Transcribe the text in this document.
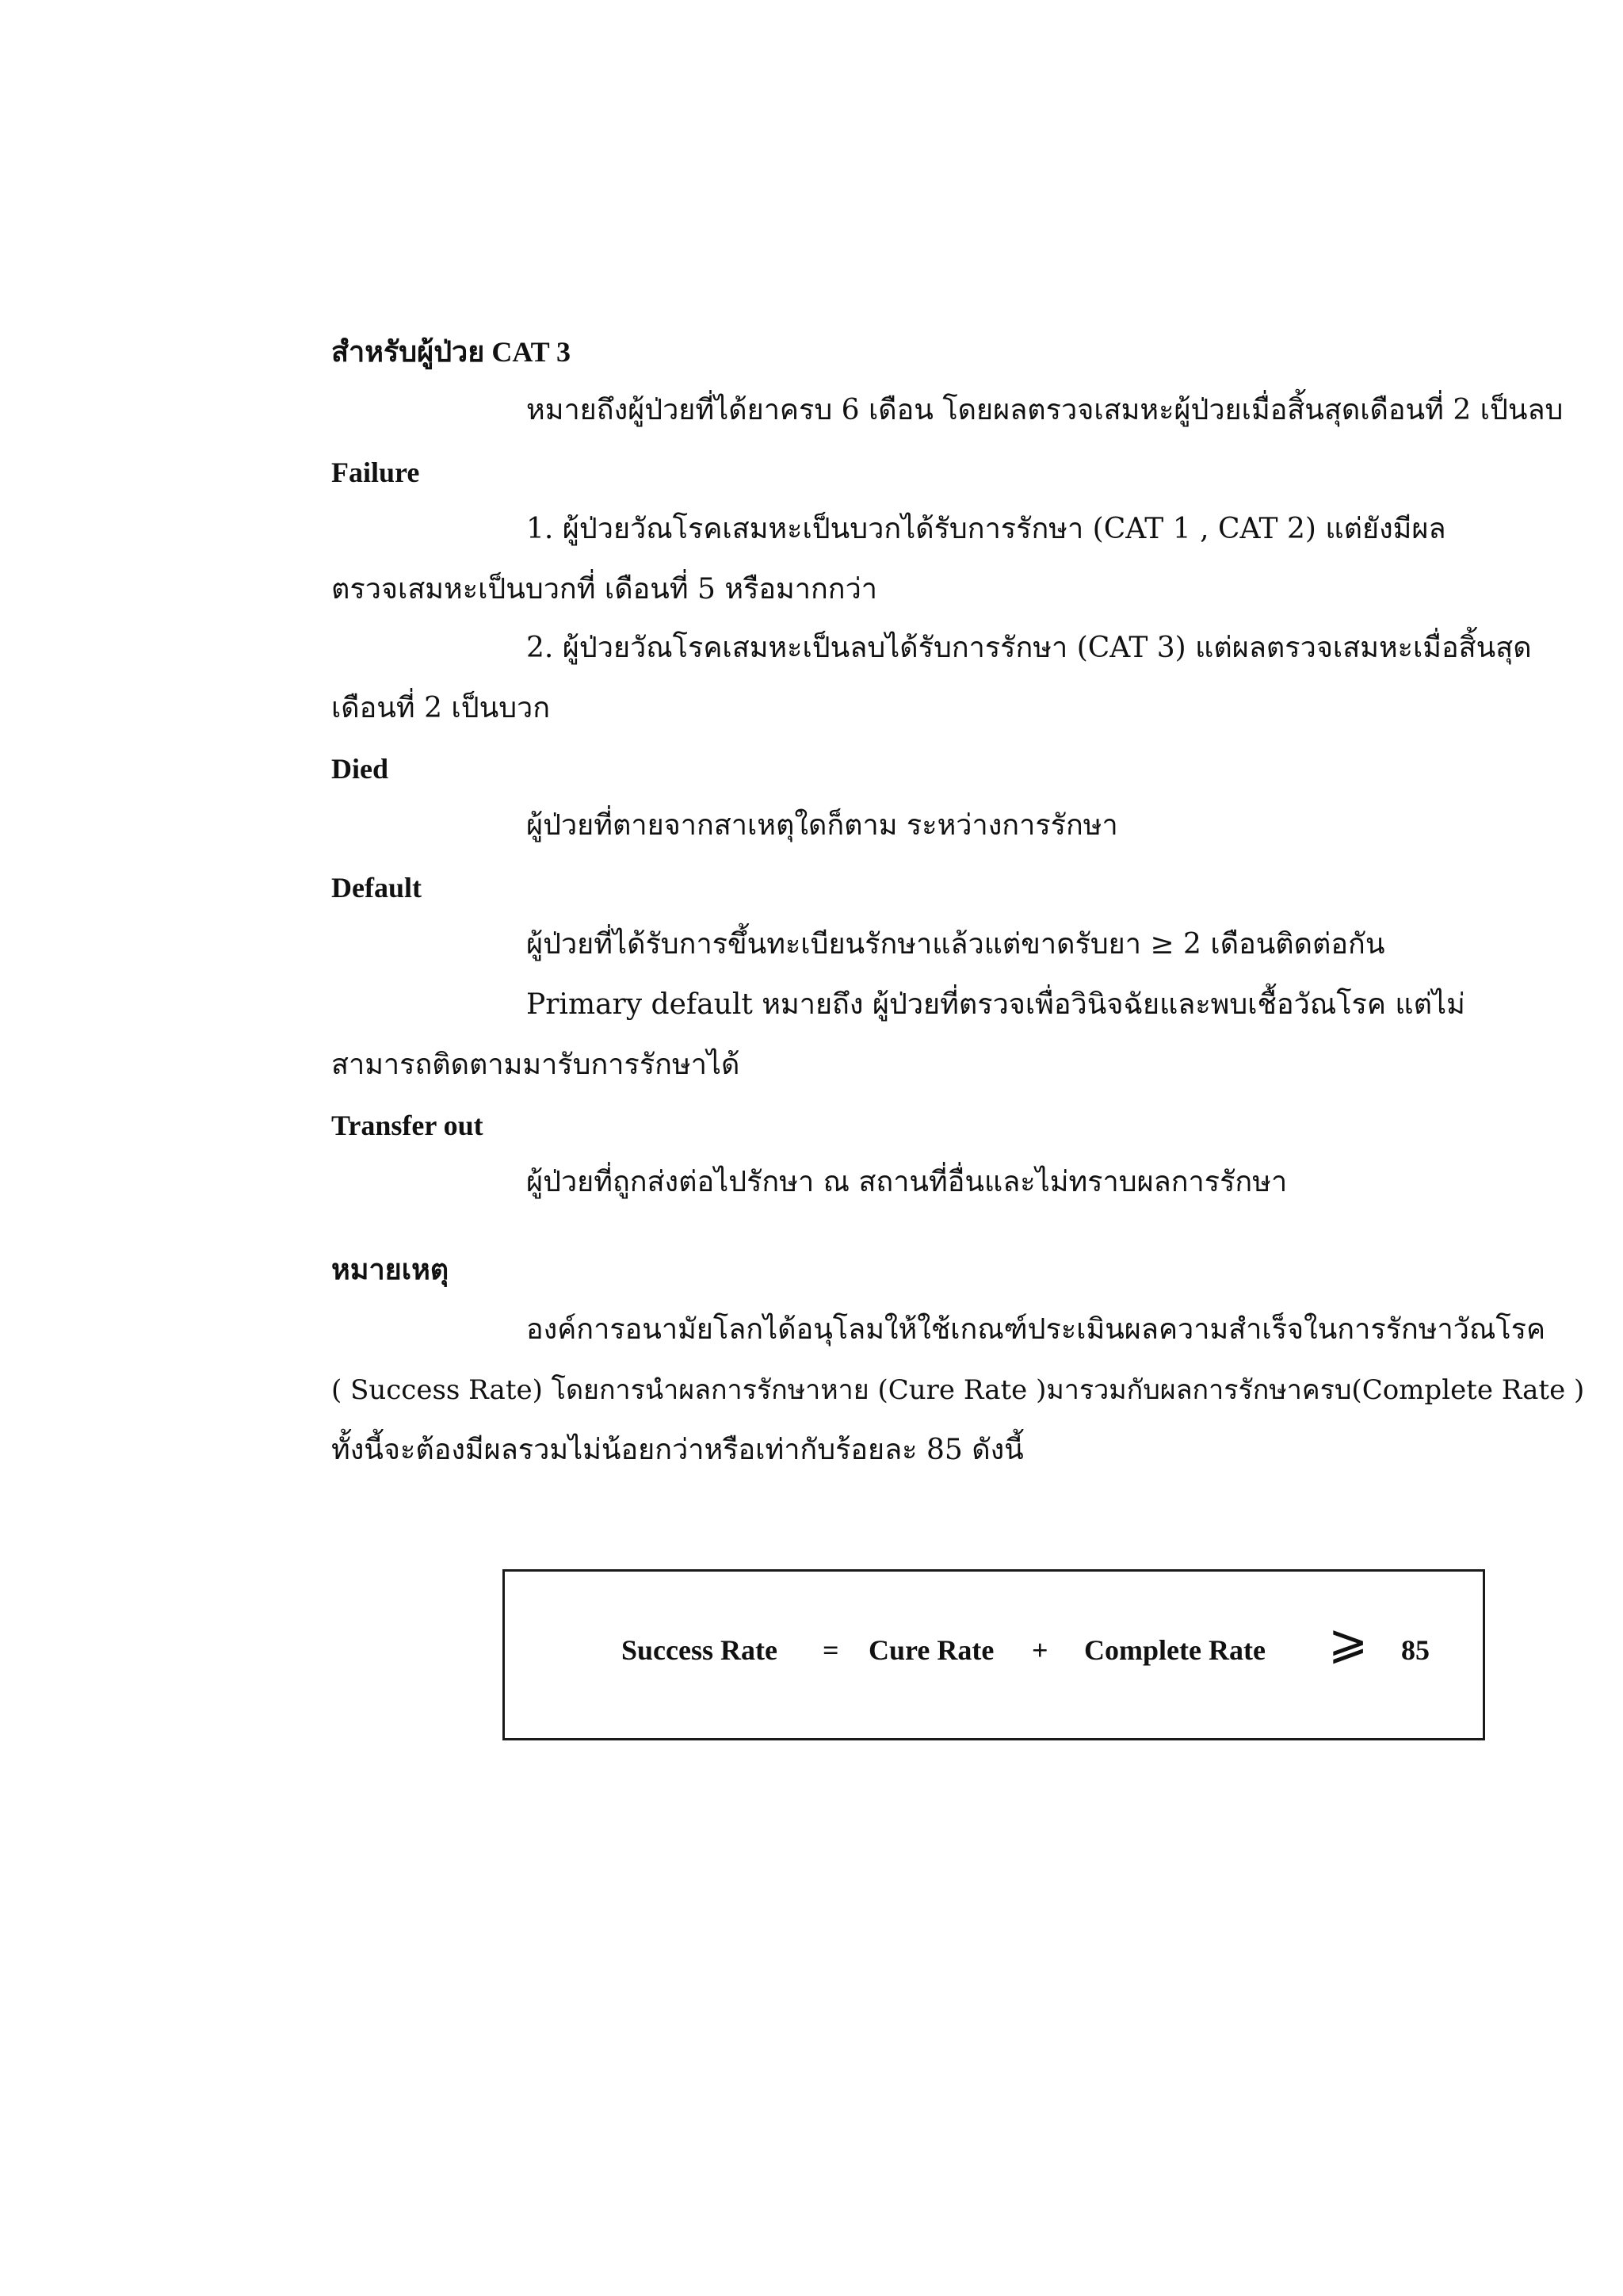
สำหรับผู้ป่วย CAT 3
หมายถึงผู้ป่วยที่ได้ยาครบ 6 เดือน โดยผลตรวจเสมหะผู้ป่วยเมื่อสิ้นสุดเดือนที่ 2 เป็นลบ
Failure
1. ผู้ป่วยวัณโรคเสมหะเป็นบวกได้รับการรักษา (CAT 1 , CAT 2) แต่ยังมีผล
ตรวจเสมหะเป็นบวกที่ เดือนที่ 5 หรือมากกว่า
2. ผู้ป่วยวัณโรคเสมหะเป็นลบได้รับการรักษา (CAT 3) แต่ผลตรวจเสมหะเมื่อสิ้นสุด
เดือนที่ 2 เป็นบวก
Died
ผู้ป่วยที่ตายจากสาเหตุใดก็ตาม ระหว่างการรักษา
Default
ผู้ป่วยที่ได้รับการขึ้นทะเบียนรักษาแล้วแต่ขาดรับยา ≥ 2 เดือนติดต่อกัน
Primary default หมายถึง ผู้ป่วยที่ตรวจเพื่อวินิจฉัยและพบเชื้อวัณโรค แต่ไม่
สามารถติดตามมารับการรักษาได้
Transfer out
ผู้ป่วยที่ถูกส่งต่อไปรักษา ณ สถานที่อื่นและไม่ทราบผลการรักษา
หมายเหตุ
องค์การอนามัยโลกได้อนุโลมให้ใช้เกณฑ์ประเมินผลความสำเร็จในการรักษาวัณโรค
( Success Rate) โดยการนำผลการรักษาหาย (Cure Rate )มารวมกับผลการรักษาครบ(Complete Rate )
ทั้งนี้จะต้องมีผลรวมไม่น้อยกว่าหรือเท่ากับร้อยละ 85 ดังนี้
Success Rate = Cure Rate + Complete Rate ⩾ 85
